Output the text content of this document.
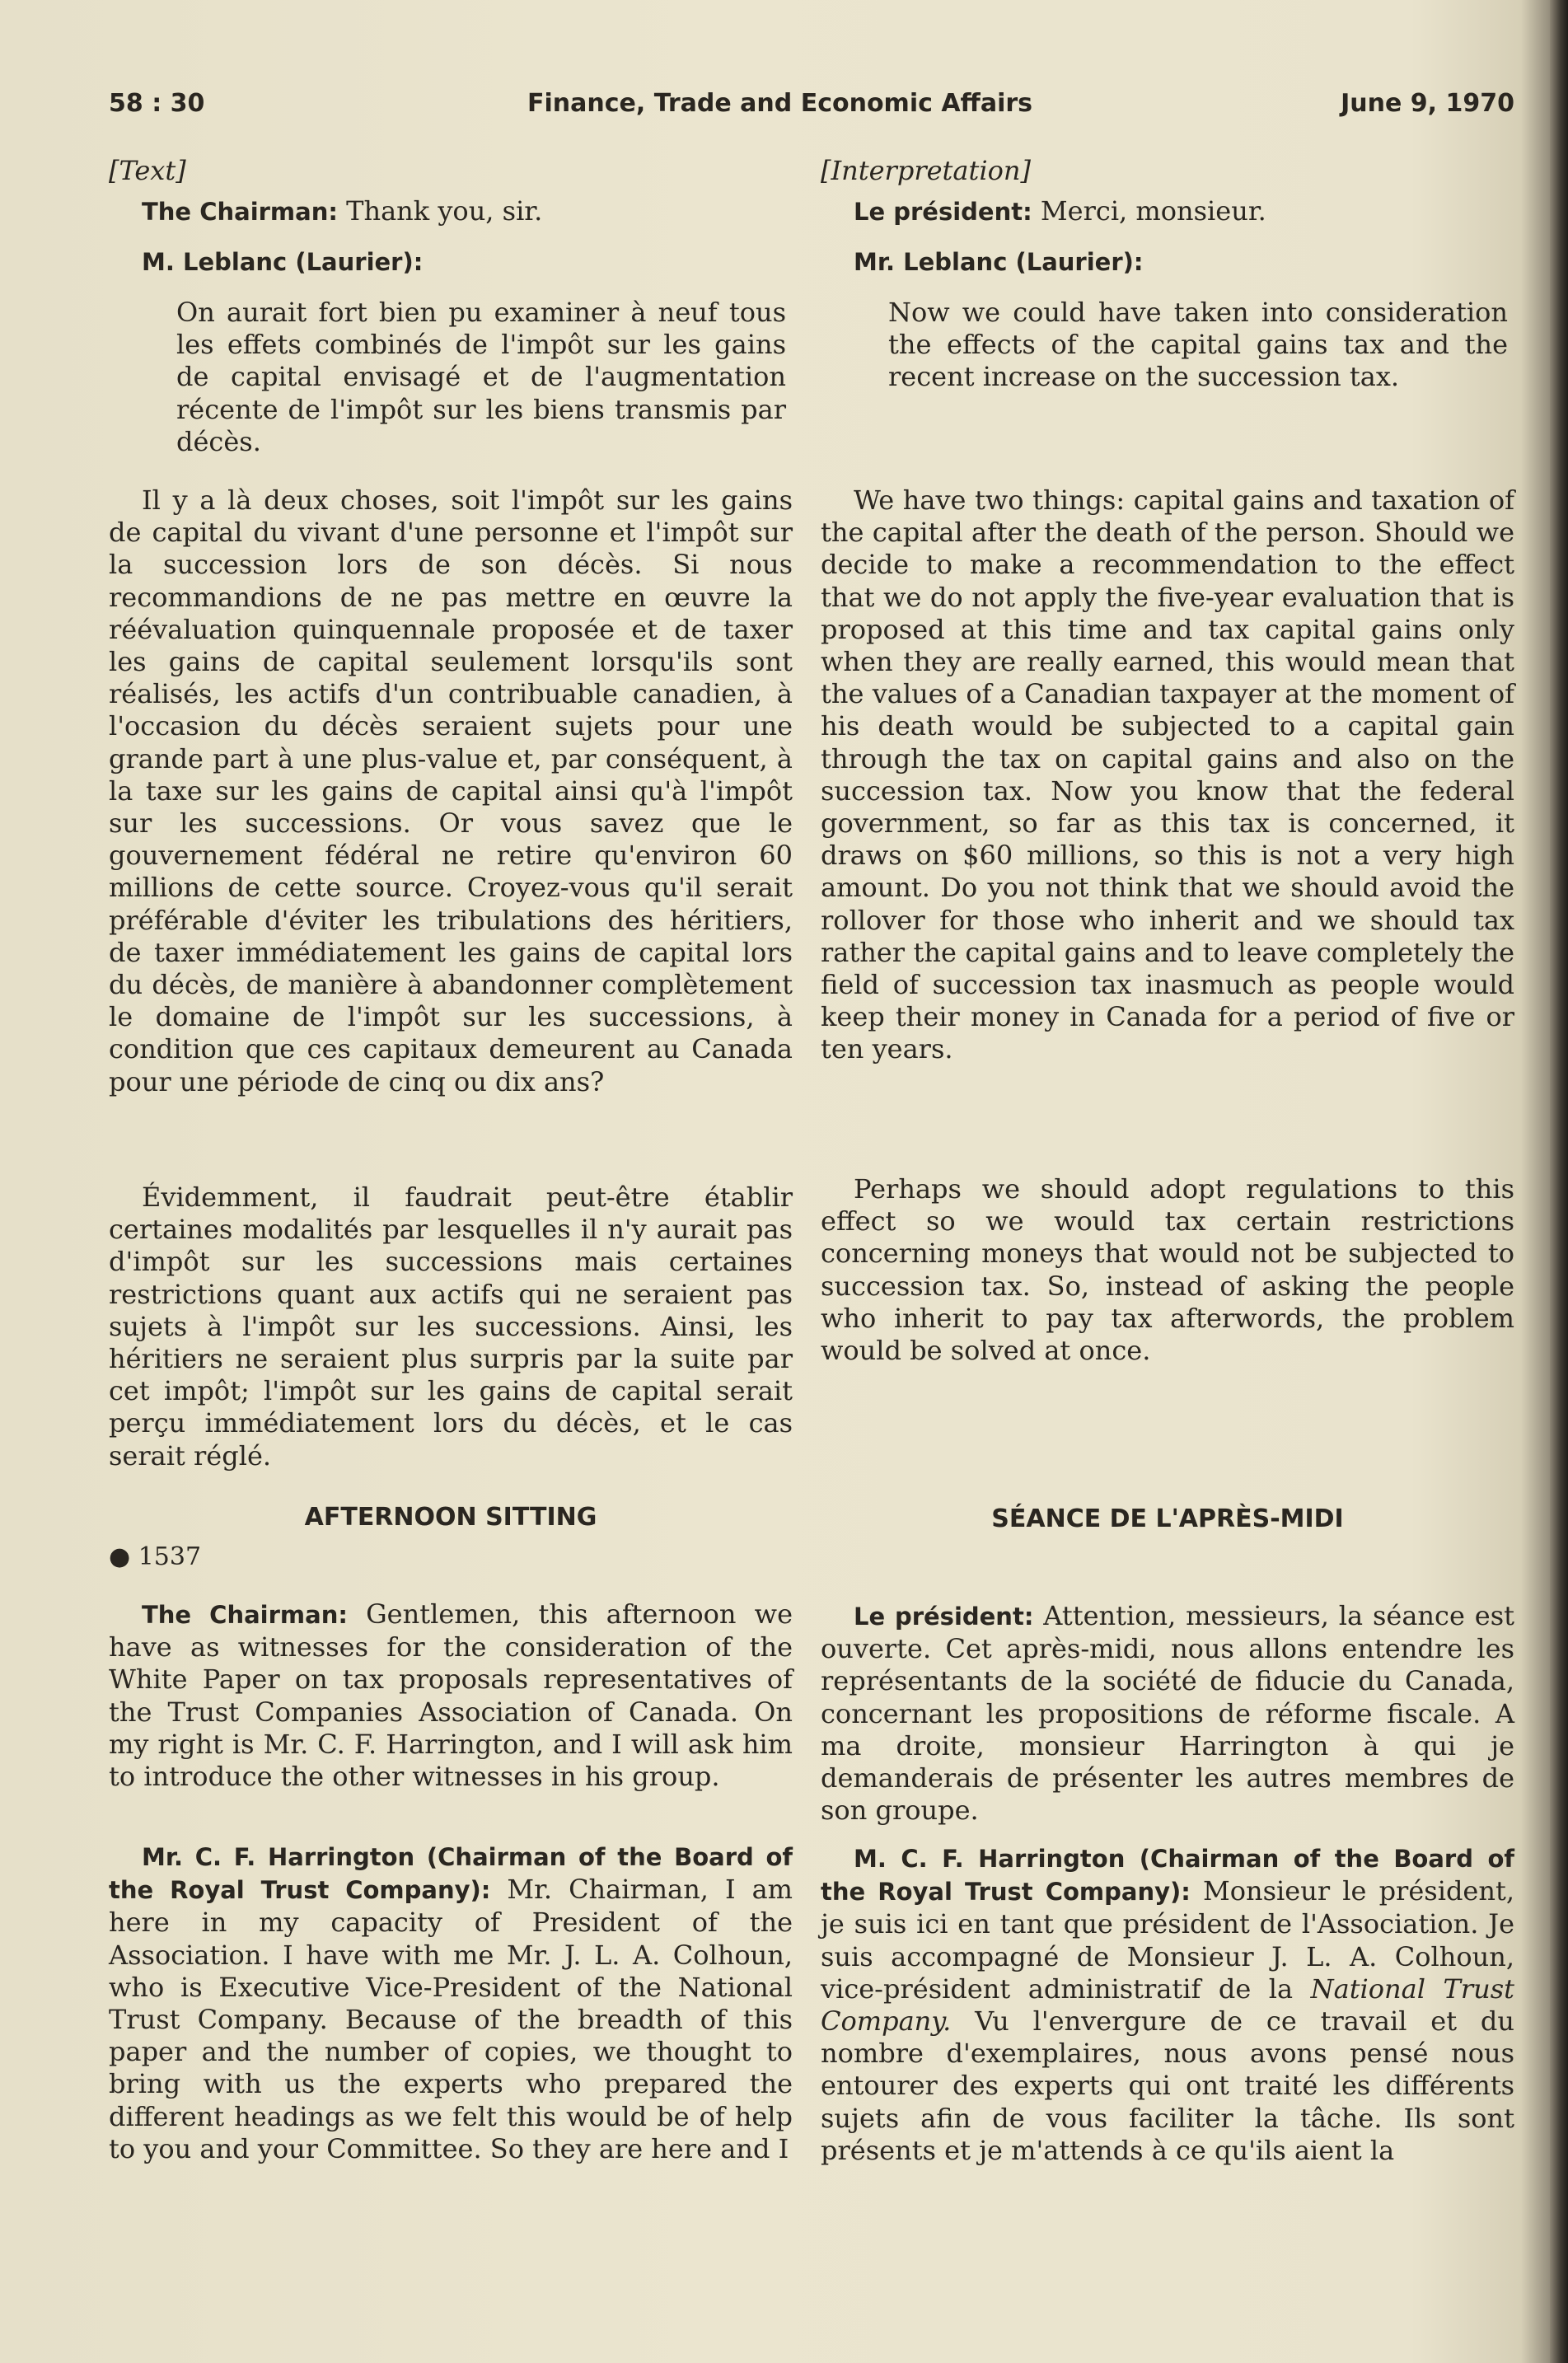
58 : 30	Finance, Trade and Economic Affairs	June 9, 1970

[Text]

The Chairman: Thank you, sir.

M. Leblanc (Laurier):

On aurait fort bien pu examiner à neuf tous les effets combinés de l'impôt sur les gains de capital envisagé et de l'augmentation récente de l'impôt sur les biens transmis par décès.

Il y a là deux choses, soit l'impôt sur les gains de capital du vivant d'une personne et l'impôt sur la succession lors de son décès. Si nous recommandions de ne pas mettre en œuvre la réévaluation quinquennale proposée et de taxer les gains de capital seulement lorsqu'ils sont réalisés, les actifs d'un contribuable canadien, à l'occasion du décès seraient sujets pour une grande part à une plus-value et, par conséquent, à la taxe sur les gains de capital ainsi qu'à l'impôt sur les successions. Or vous savez que le gouvernement fédéral ne retire qu'environ 60 millions de cette source. Croyez-vous qu'il serait préférable d'éviter les tribulations des héritiers, de taxer immédiatement les gains de capital lors du décès, de manière à abandonner complètement le domaine de l'impôt sur les successions, à condition que ces capitaux demeurent au Canada pour une période de cinq ou dix ans?

Évidemment, il faudrait peut-être établir certaines modalités par lesquelles il n'y aurait pas d'impôt sur les successions mais certaines restrictions quant aux actifs qui ne seraient pas sujets à l'impôt sur les successions. Ainsi, les héritiers ne seraient plus surpris par la suite par cet impôt; l'impôt sur les gains de capital serait perçu immédiatement lors du décès, et le cas serait réglé.

AFTERNOON SITTING

● 1537

The Chairman: Gentlemen, this afternoon we have as witnesses for the consideration of the White Paper on tax proposals representatives of the Trust Companies Association of Canada. On my right is Mr. C. F. Harrington, and I will ask him to introduce the other witnesses in his group.

Mr. C. F. Harrington (Chairman of the Board of the Royal Trust Company): Mr. Chairman, I am here in my capacity of President of the Association. I have with me Mr. J. L. A. Colhoun, who is Executive Vice-President of the National Trust Company. Because of the breadth of this paper and the number of copies, we thought to bring with us the experts who prepared the different headings as we felt this would be of help to you and your Committee. So they are here and I

[Interpretation]

Le président: Merci, monsieur.

Mr. Leblanc (Laurier):

Now we could have taken into consideration the effects of the capital gains tax and the recent increase on the succession tax.

We have two things: capital gains and taxation of the capital after the death of the person. Should we decide to make a recommendation to the effect that we do not apply the five-year evaluation that is proposed at this time and tax capital gains only when they are really earned, this would mean that the values of a Canadian taxpayer at the moment of his death would be subjected to a capital gain through the tax on capital gains and also on the succession tax. Now you know that the federal government, so far as this tax is concerned, it draws on $60 millions, so this is not a very high amount. Do you not think that we should avoid the rollover for those who inherit and we should tax rather the capital gains and to leave completely the field of succession tax inasmuch as people would keep their money in Canada for a period of five or ten years.

Perhaps we should adopt regulations to this effect so we would tax certain restrictions concerning moneys that would not be subjected to succession tax. So, instead of asking the people who inherit to pay tax afterwords, the problem would be solved at once.

SÉANCE DE L'APRÈS-MIDI

Le président: Attention, messieurs, la séance est ouverte. Cet après-midi, nous allons entendre les représentants de la société de fiducie du Canada, concernant les propositions de réforme fiscale. A ma droite, monsieur Harrington à qui je demanderais de présenter les autres membres de son groupe.

M. C. F. Harrington (Chairman of the Board of the Royal Trust Company): Monsieur le président, je suis ici en tant que président de l'Association. Je suis accompagné de Monsieur J. L. A. Colhoun, vice-président administratif de la National Trust Company. Vu l'envergure de ce travail et du nombre d'exemplaires, nous avons pensé nous entourer des experts qui ont traité les différents sujets afin de vous faciliter la tâche. Ils sont présents et je m'attends à ce qu'ils aient la
